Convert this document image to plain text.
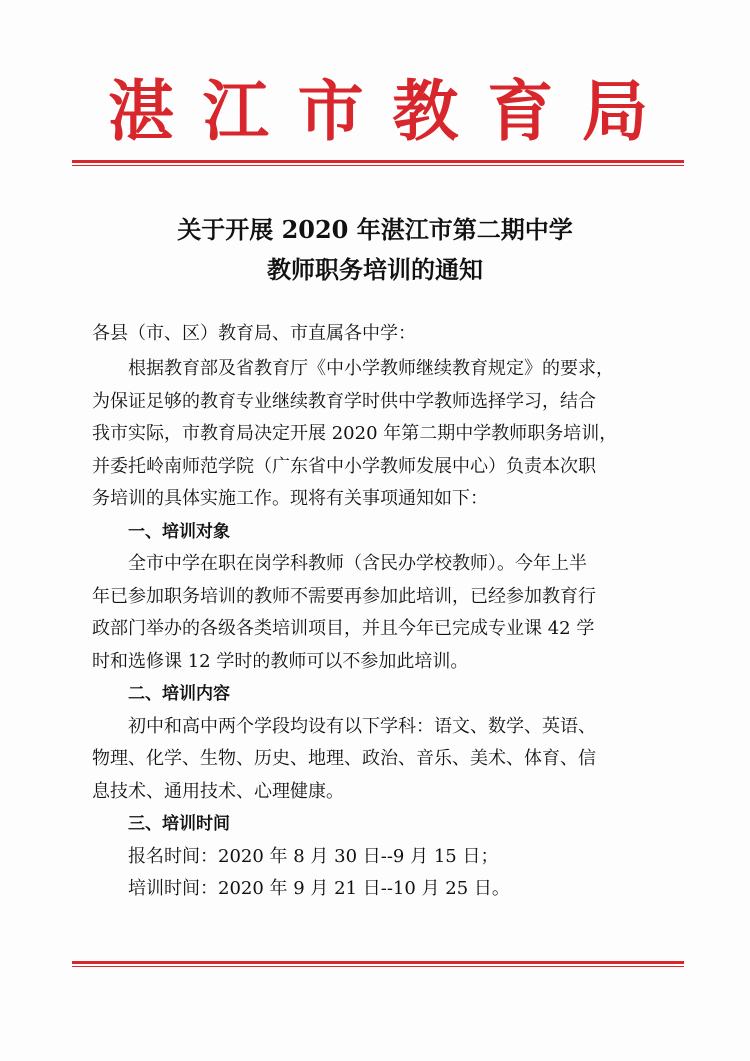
湛 江 市 教 育 局
关于开展 2020 年湛江市第二期中学
教师职务培训的通知
各县（市、区）教育局、市直属各中学：
根据教育部及省教育厅《中小学教师继续教育规定》的要求，
为保证足够的教育专业继续教育学时供中学教师选择学习，结合
我市实际，市教育局决定开展 2020 年第二期中学教师职务培训，
并委托岭南师范学院（广东省中小学教师发展中心）负责本次职
务培训的具体实施工作。现将有关事项通知如下：
一、培训对象
全市中学在职在岗学科教师（含民办学校教师）。今年上半
年已参加职务培训的教师不需要再参加此培训，已经参加教育行
政部门举办的各级各类培训项目，并且今年已完成专业课 42 学
时和选修课 12 学时的教师可以不参加此培训。
二、培训内容
初中和高中两个学段均设有以下学科：语文、数学、英语、
物理、化学、生物、历史、地理、政治、音乐、美术、体育、信
息技术、通用技术、心理健康。
三、培训时间
报名时间：2020 年 8 月 30 日--9 月 15 日；
培训时间：2020 年 9 月 21 日--10 月 25 日。
